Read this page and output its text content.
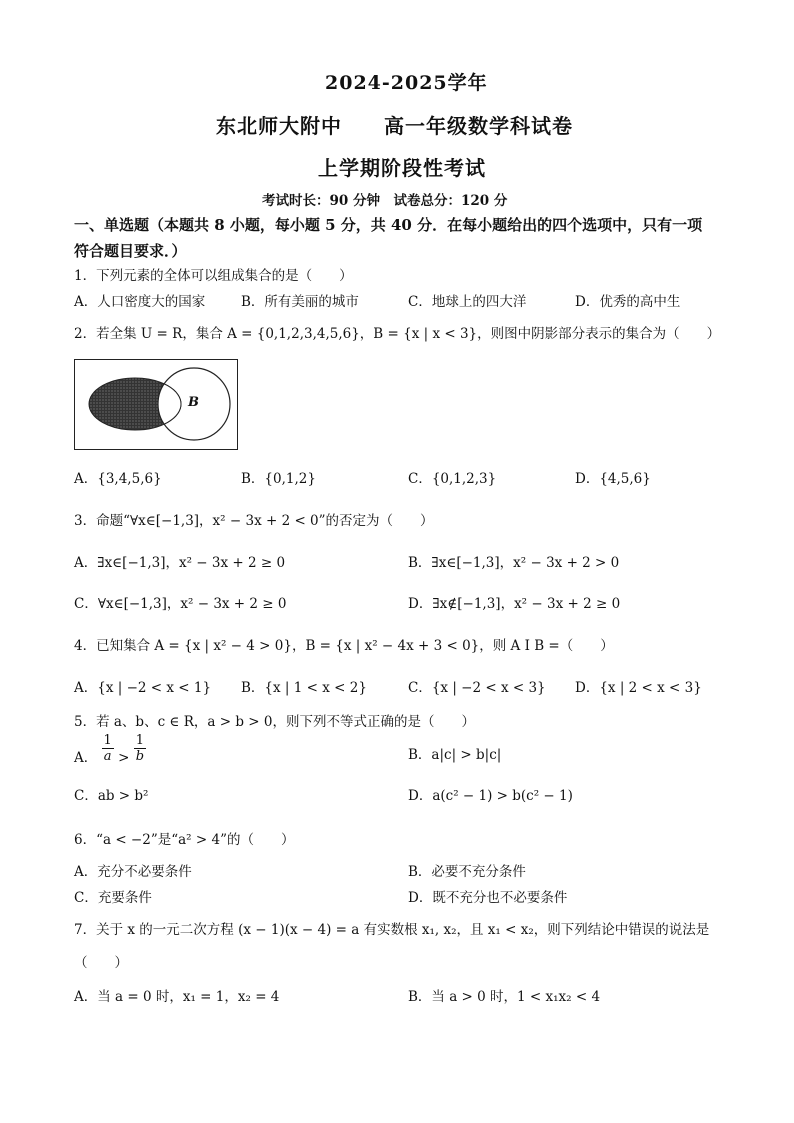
2024-2025学年
东北师大附中 高一年级数学科试卷
上学期阶段性考试
考试时长：90 分钟　试卷总分：120 分
一、单选题（本题共 8 小题，每小题 5 分，共 40 分．在每小题给出的四个选项中，只有一项
符合题目要求．）
1．下列元素的全体可以组成集合的是（　　）
A．人口密度大的国家	B．所有美丽的城市	C．地球上的四大洋	D．优秀的高中生
2．若全集 U = R，集合 A = {0,1,2,3,4,5,6}，B = {x | x < 3}，则图中阴影部分表示的集合为（　　）
B
A．{3,4,5,6}	B．{0,1,2}	C．{0,1,2,3}	D．{4,5,6}
3．命题“∀x∈[−1,3]，x² − 3x + 2 < 0”的否定为（　　）
A．∃x∈[−1,3]，x² − 3x + 2 ≥ 0	B．∃x∈[−1,3]，x² − 3x + 2 > 0
C．∀x∈[−1,3]，x² − 3x + 2 ≥ 0	D．∃x∉[−1,3]，x² − 3x + 2 ≥ 0
4．已知集合 A = {x | x² − 4 > 0}，B = {x | x² − 4x + 3 < 0}，则 A I B =（　　）
A．{x | −2 < x < 1} B．{x | 1 < x < 2}	C．{x | −2 < x < 3} D．{x | 2 < x < 3}
5．若 a、b、c ∈ R，a > b > 0，则下列不等式正确的是（　　）
A． $\frac{1}{a} > \frac{1}{b}$	B．a|c| > b|c|
C．ab > b²	D．a(c² − 1) > b(c² − 1)
6．“a < −2”是“a² > 4”的（　　）
A．充分不必要条件	B．必要不充分条件
C．充要条件	D．既不充分也不必要条件
7．关于 x 的一元二次方程 (x − 1)(x − 4) = a 有实数根 x₁, x₂，且 x₁ < x₂，则下列结论中错误的说法是
（　　）
A．当 a = 0 时，x₁ = 1，x₂ = 4	B．当 a > 0 时，1 < x₁x₂ < 4
